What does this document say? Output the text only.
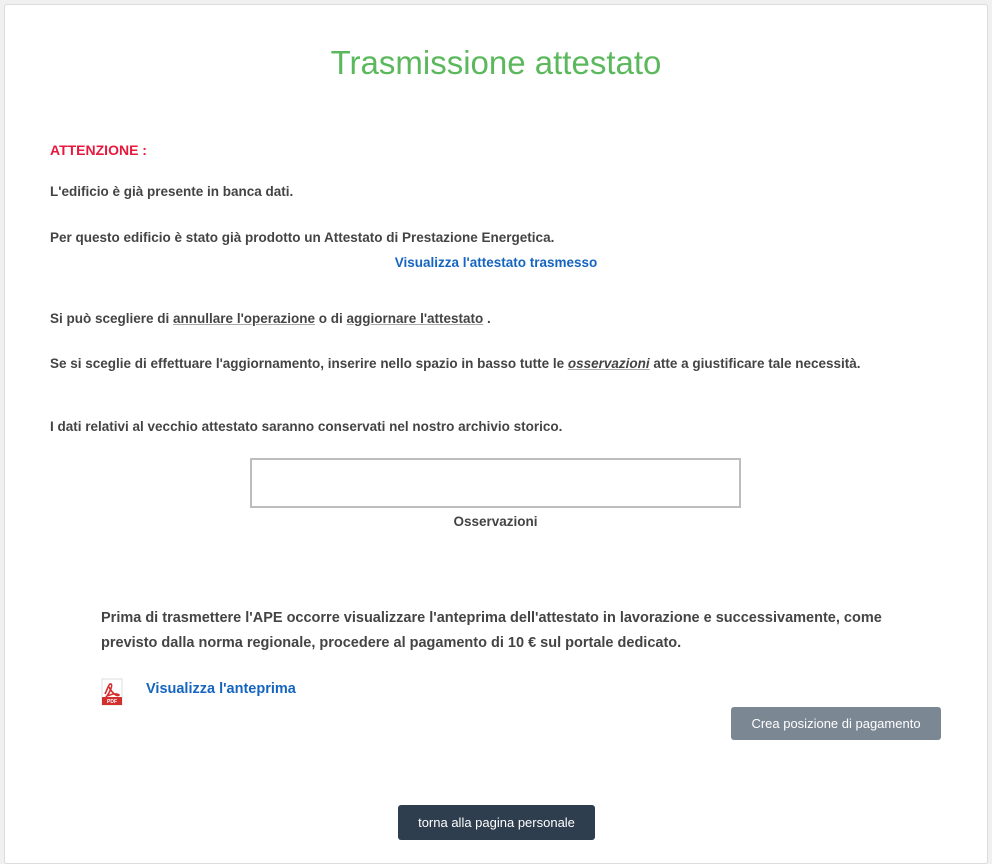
Trasmissione attestato
ATTENZIONE :
L'edificio è già presente in banca dati.
Per questo edificio è stato già prodotto un Attestato di Prestazione Energetica.
Visualizza l'attestato trasmesso
Si può scegliere di annullare l'operazione o di aggiornare l'attestato .
Se si sceglie di effettuare l'aggiornamento, inserire nello spazio in basso tutte le osservazioni atte a giustificare tale necessità.
I dati relativi al vecchio attestato saranno conservati nel nostro archivio storico.
Osservazioni
Prima di trasmettere l'APE occorre visualizzare l'anteprima dell'attestato in lavorazione e successivamente, come previsto dalla norma regionale, procedere al pagamento di 10 € sul portale dedicato.
PDF
Visualizza l'anteprima
Crea posizione di pagamento
torna alla pagina personale
